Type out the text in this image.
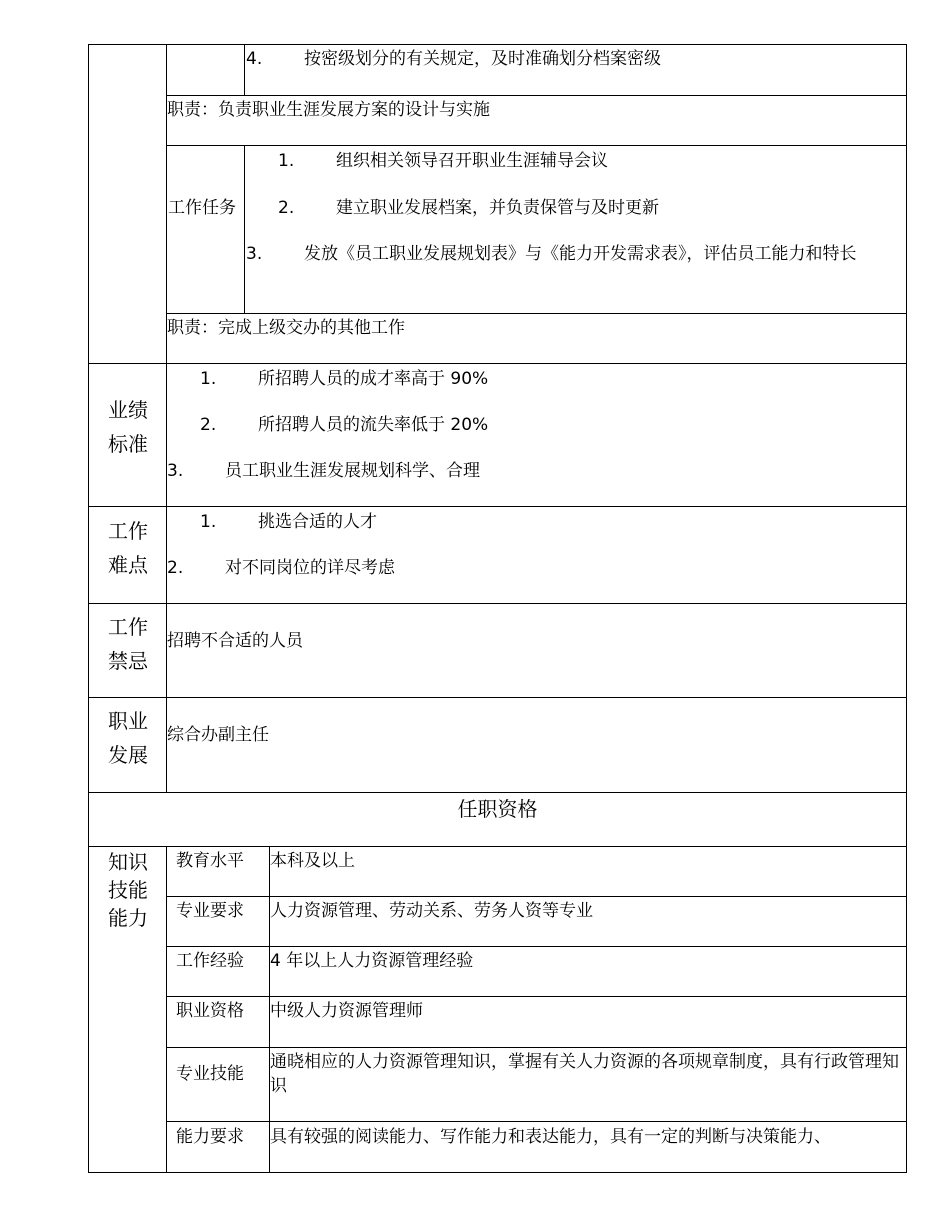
4. 按密级划分的有关规定，及时准确划分档案密级
职责：负责职业生涯发展方案的设计与实施
工作任务
1. 组织相关领导召开职业生涯辅导会议
2. 建立职业发展档案，并负责保管与及时更新
3. 发放《员工职业发展规划表》与《能力开发需求表》，评估员工能力和特长
职责：完成上级交办的其他工作
业绩标准
1. 所招聘人员的成才率高于 90%
2. 所招聘人员的流失率低于 20%
3. 员工职业生涯发展规划科学、合理
工作难点
1. 挑选合适的人才
2. 对不同岗位的详尽考虑
工作禁忌
招聘不合适的人员
职业发展
综合办副主任
任职资格
知识技能能力
教育水平 本科及以上
专业要求 人力资源管理、劳动关系、劳务人资等专业
工作经验 4 年以上人力资源管理经验
职业资格 中级人力资源管理师
专业技能
通晓相应的人力资源管理知识，掌握有关人力资源的各项规章制度，具有行政管理知识
能力要求 具有较强的阅读能力、写作能力和表达能力，具有一定的判断与决策能力、
